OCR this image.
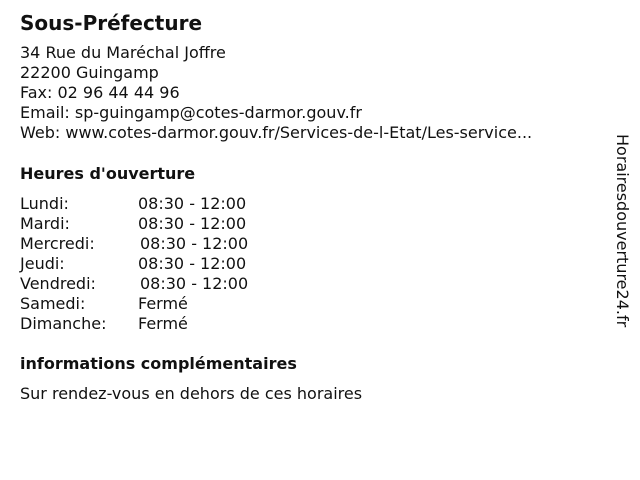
Sous-Préfecture
34 Rue du Maréchal Joffre
22200 Guingamp
Fax: 02 96 44 44 96
Email: sp-guingamp@cotes-darmor.gouv.fr
Web: www.cotes-darmor.gouv.fr/Services-de-l-Etat/Les-service...
Heures d'ouverture
Lundi:	08:30 - 12:00
Mardi:	08:30 - 12:00
Mercredi:	08:30 - 12:00
Jeudi:	08:30 - 12:00
Vendredi:	08:30 - 12:00
Samedi:	Fermé
Dimanche: Fermé
informations complémentaires
Sur rendez-vous en dehors de ces horaires
Horairesdouverture24.fr
